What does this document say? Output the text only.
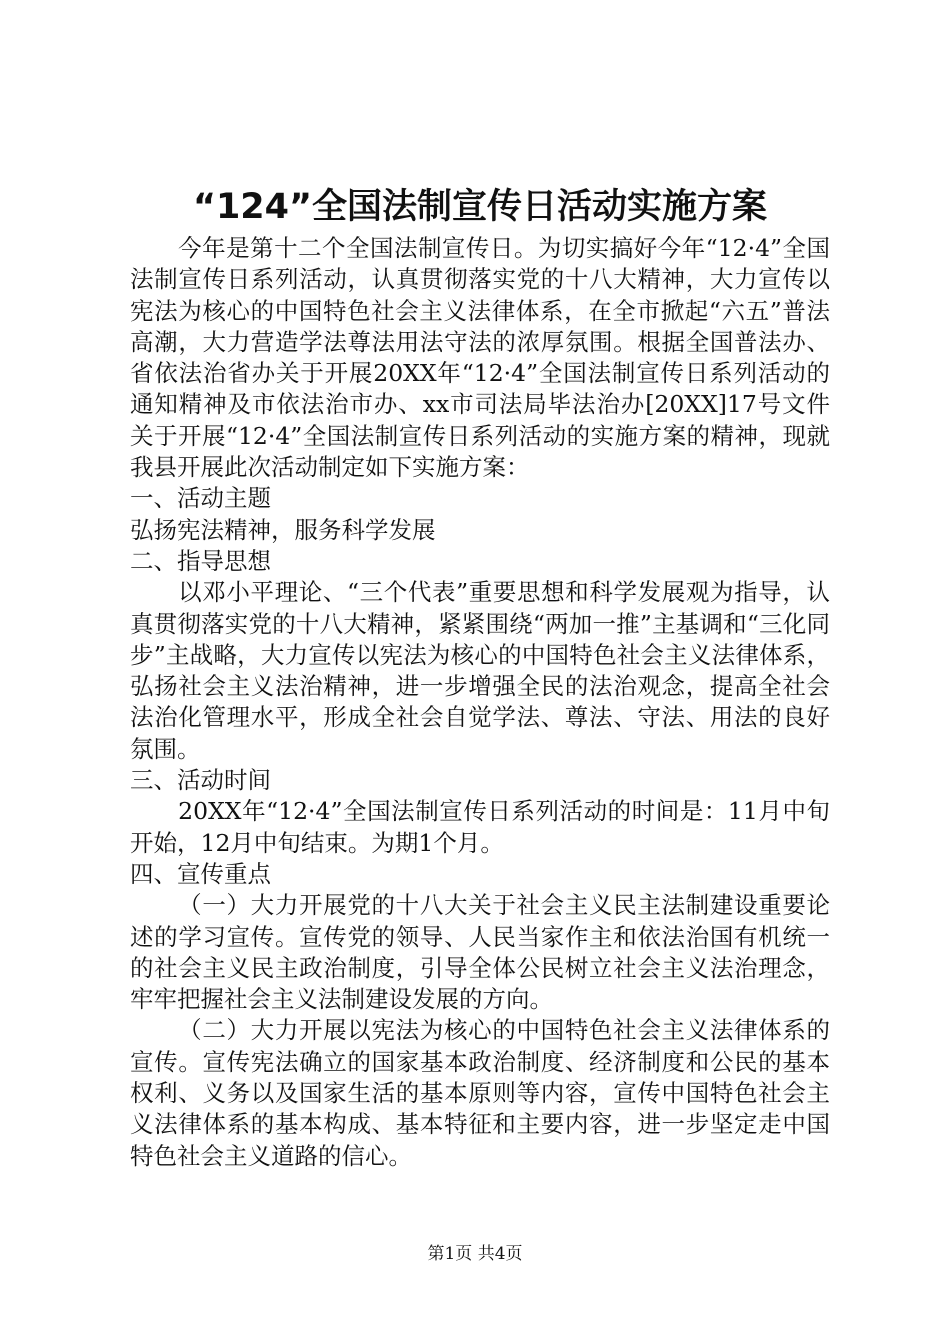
“124”全国法制宣传日活动实施方案

今年是第十二个全国法制宣传日。为切实搞好今年“12·4”全国法制宣传日系列活动，认真贯彻落实党的十八大精神，大力宣传以宪法为核心的中国特色社会主义法律体系，在全市掀起“六五”普法高潮，大力营造学法尊法用法守法的浓厚氛围。根据全国普法办、省依法治省办关于开展20XX年“12·4”全国法制宣传日系列活动的通知精神及市依法治市办、xx市司法局毕法治办[20XX]17号文件关于开展“12·4”全国法制宣传日系列活动的实施方案的精神，现就我县开展此次活动制定如下实施方案：

一、活动主题

弘扬宪法精神，服务科学发展

二、指导思想

以邓小平理论、“三个代表”重要思想和科学发展观为指导，认真贯彻落实党的十八大精神，紧紧围绕“两加一推”主基调和“三化同步”主战略，大力宣传以宪法为核心的中国特色社会主义法律体系，弘扬社会主义法治精神，进一步增强全民的法治观念，提高全社会法治化管理水平，形成全社会自觉学法、尊法、守法、用法的良好氛围。

三、活动时间

20XX年“12·4”全国法制宣传日系列活动的时间是：11月中旬开始，12月中旬结束。为期1个月。

四、宣传重点

（一）大力开展党的十八大关于社会主义民主法制建设重要论述的学习宣传。宣传党的领导、人民当家作主和依法治国有机统一的社会主义民主政治制度，引导全体公民树立社会主义法治理念，牢牢把握社会主义法制建设发展的方向。

（二）大力开展以宪法为核心的中国特色社会主义法律体系的宣传。宣传宪法确立的国家基本政治制度、经济制度和公民的基本权利、义务以及国家生活的基本原则等内容，宣传中国特色社会主义法律体系的基本构成、基本特征和主要内容，进一步坚定走中国特色社会主义道路的信心。

第1页 共4页
